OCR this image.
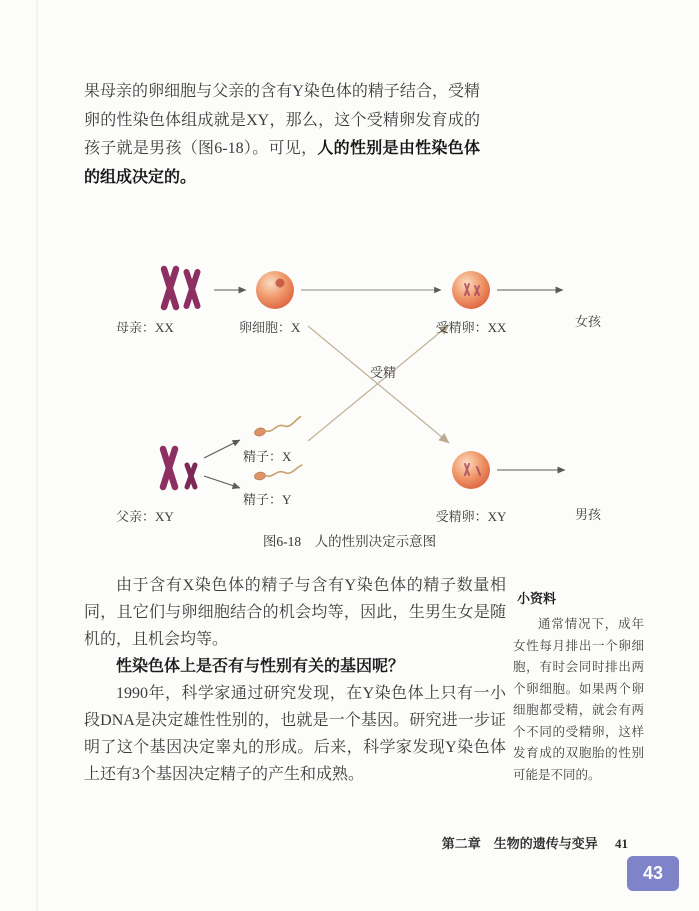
果母亲的卵细胞与父亲的含有Y染色体的精子结合，受精卵的性染色体组成就是XY，那么，这个受精卵发育成的孩子就是男孩（图6-18）。可见，人的性别是由性染色体的组成决定的。

母亲：XX	卵细胞：X	受精卵：XX	女孩
受精
精子：X
精子：Y
父亲：XY	受精卵：XY	男孩
图6-18　人的性别决定示意图

由于含有X染色体的精子与含有Y染色体的精子数量相同，且它们与卵细胞结合的机会均等，因此，生男生女是随机的，且机会均等。

性染色体上是否有与性别有关的基因呢？

1990年，科学家通过研究发现，在Y染色体上只有一小段DNA是决定雄性性别的，也就是一个基因。研究进一步证明了这个基因决定睾丸的形成。后来，科学家发现Y染色体上还有3个基因决定精子的产生和成熟。

小资料

通常情况下，成年女性每月排出一个卵细胞，有时会同时排出两个卵细胞。如果两个卵细胞都受精，就会有两个不同的受精卵，这样发育成的双胞胎的性别可能是不同的。

第二章　生物的遗传与变异 41
43
